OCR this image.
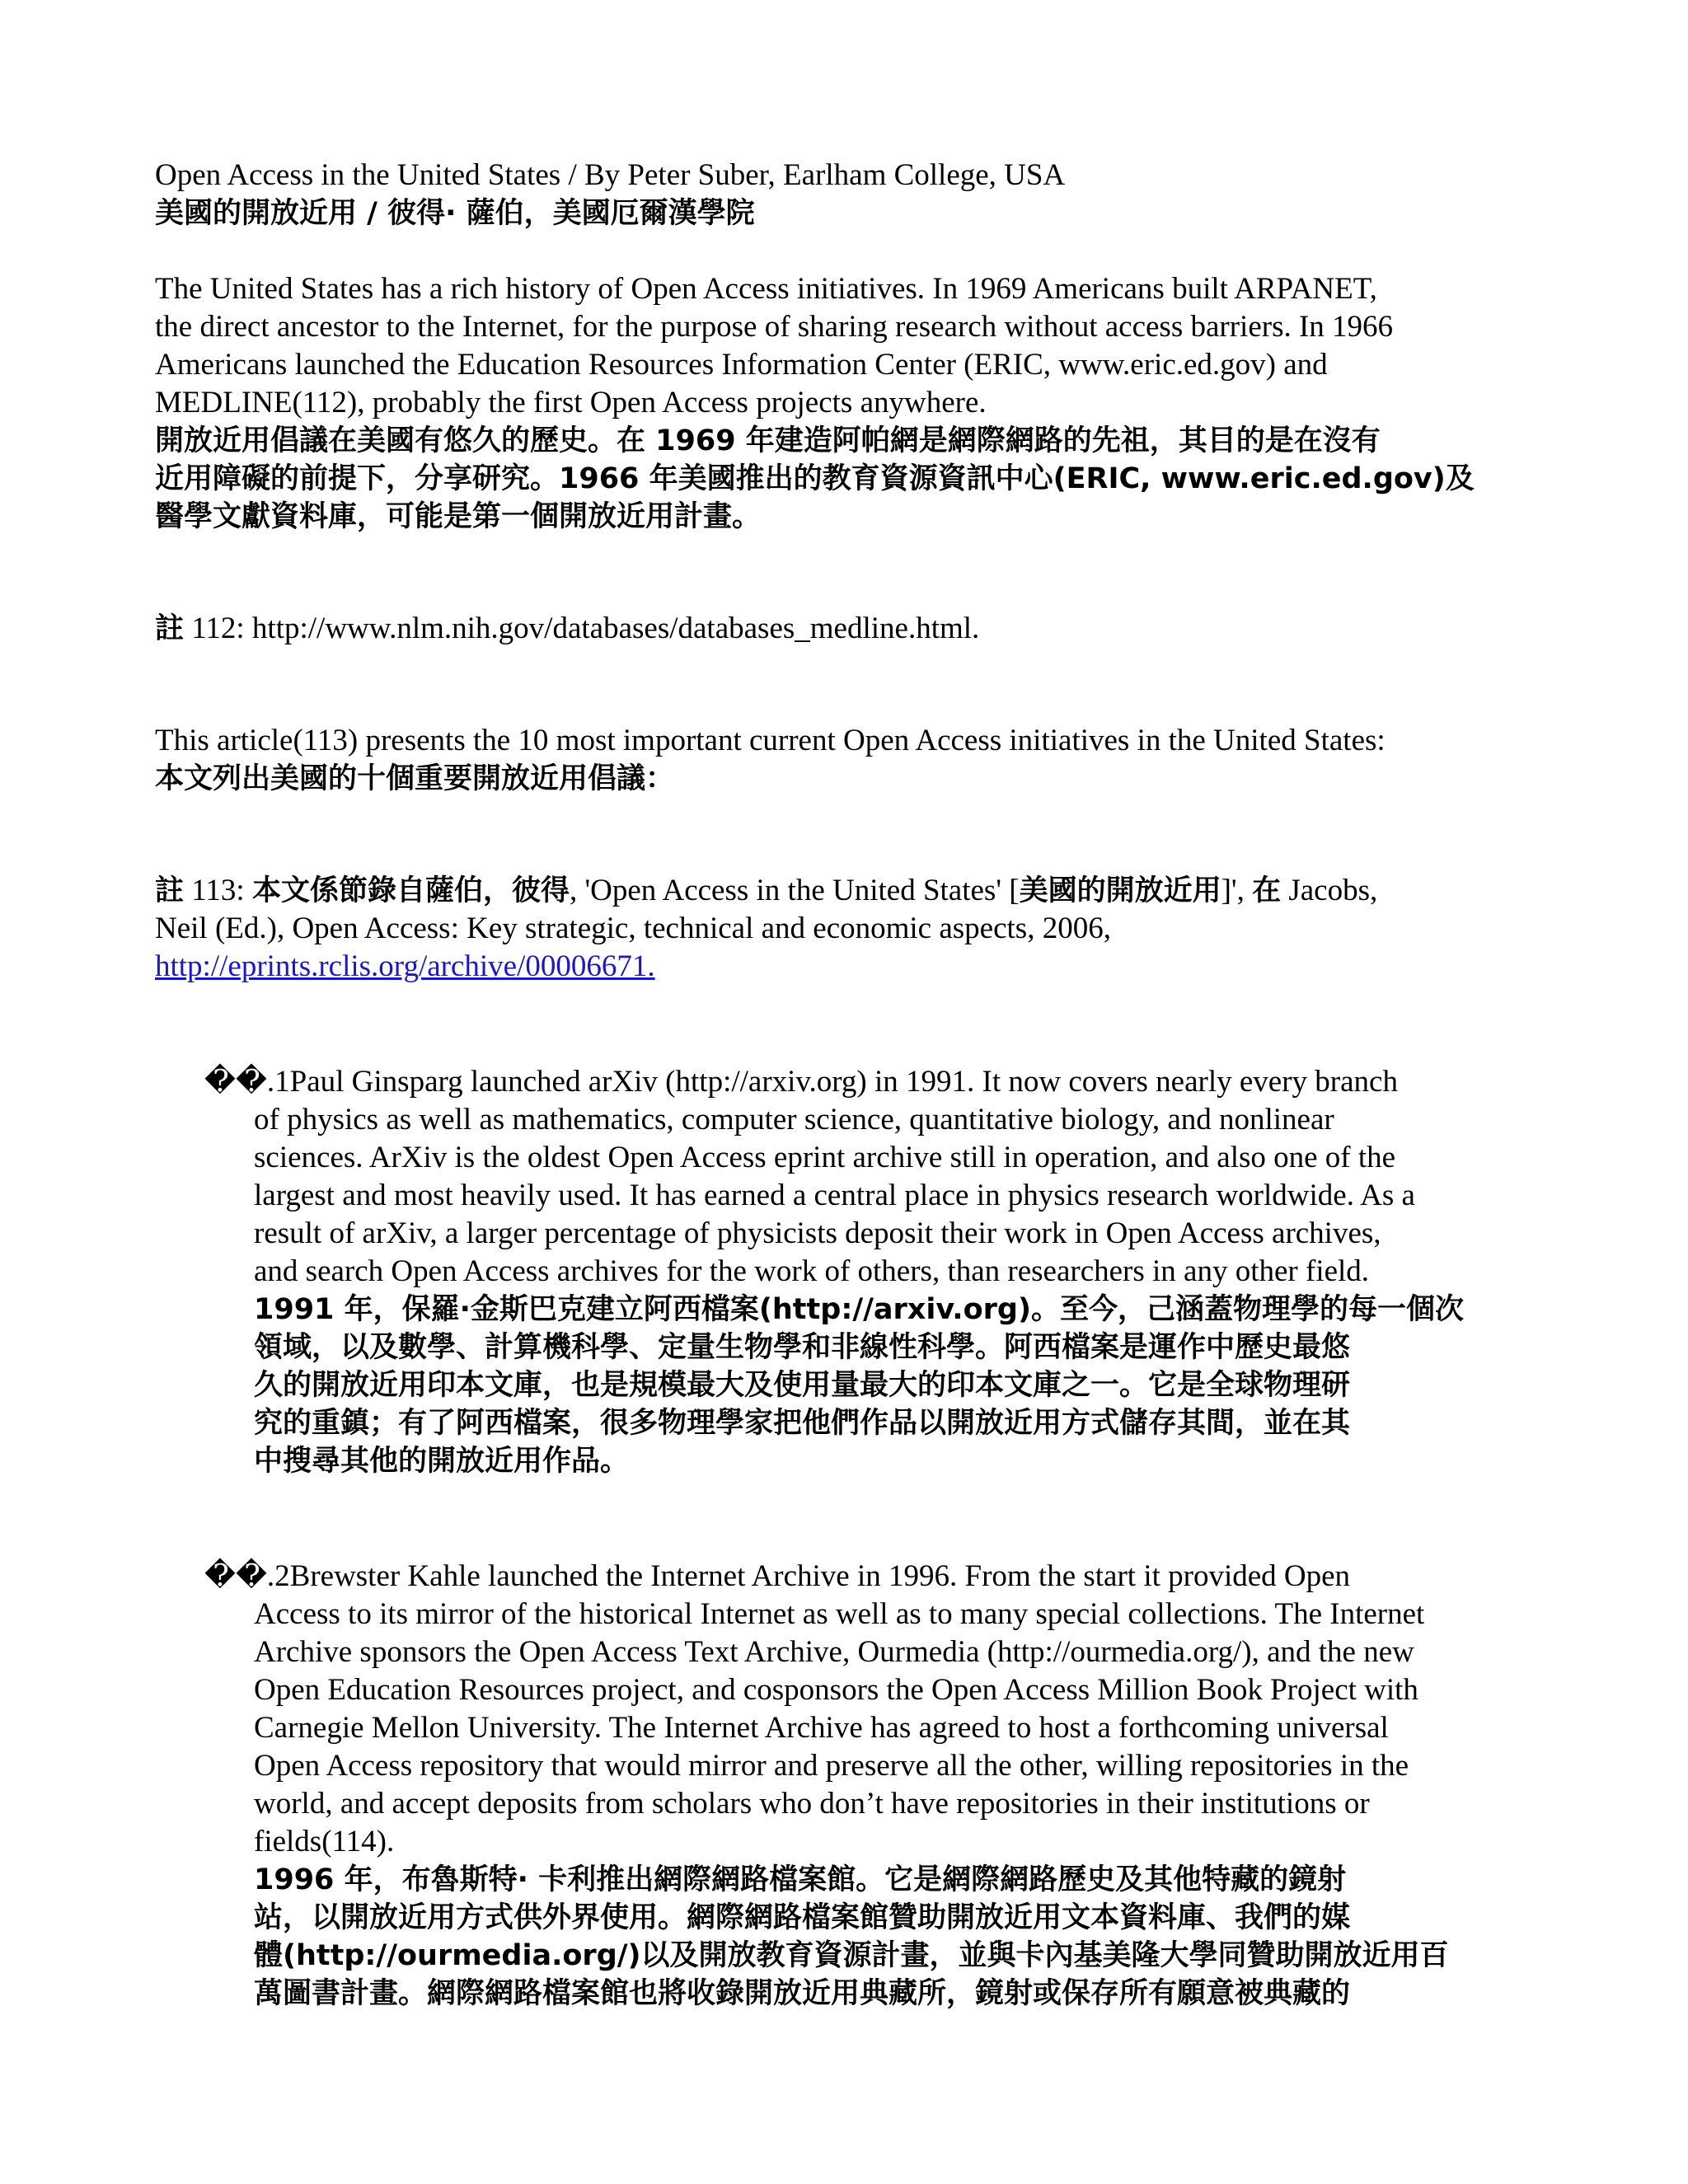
Open Access in the United States / By Peter Suber, Earlham College, USA

美國的開放近用 / 彼得· 薩伯，美國厄爾漢學院

The United States has a rich history of Open Access initiatives. In 1969 Americans built ARPANET,
the direct ancestor to the Internet, for the purpose of sharing research without access barriers. In 1966
Americans launched the Education Resources Information Center (ERIC, www.eric.ed.gov) and
MEDLINE(112), probably the first Open Access projects anywhere.

開放近用倡議在美國有悠久的歷史。在 1969 年建造阿帕網是網際網路的先祖，其目的是在沒有
近用障礙的前提下，分享研究。1966 年美國推出的教育資源資訊中心(ERIC, www.eric.ed.gov)及
醫學文獻資料庫，可能是第一個開放近用計畫。

註 112: http://www.nlm.nih.gov/databases/databases_medline.html.

This article(113) presents the 10 most important current Open Access initiatives in the United States:

本文列出美國的十個重要開放近用倡議：

註 113: 本文係節錄自薩伯，彼得, 'Open Access in the United States' [美國的開放近用]', 在 Jacobs,
Neil (Ed.), Open Access: Key strategic, technical and economic aspects, 2006,

http://eprints.rclis.org/archive/00006671.

��.1Paul Ginsparg launched arXiv (http://arxiv.org) in 1991. It now covers nearly every branch

of physics as well as mathematics, computer science, quantitative biology, and nonlinear
sciences. ArXiv is the oldest Open Access eprint archive still in operation, and also one of the
largest and most heavily used. It has earned a central place in physics research worldwide. As a
result of arXiv, a larger percentage of physicists deposit their work in Open Access archives,
and search Open Access archives for the work of others, than researchers in any other field.

1991 年，保羅·金斯巴克建立阿西檔案(http://arxiv.org)。至今，己涵蓋物理學的每一個次
領域，以及數學、計算機科學、定量生物學和非線性科學。阿西檔案是運作中歷史最悠
久的開放近用印本文庫，也是規模最大及使用量最大的印本文庫之一。它是全球物理研
究的重鎮；有了阿西檔案，很多物理學家把他們作品以開放近用方式儲存其間，並在其
中搜尋其他的開放近用作品。

��.2Brewster Kahle launched the Internet Archive in 1996. From the start it provided Open

Access to its mirror of the historical Internet as well as to many special collections. The Internet
Archive sponsors the Open Access Text Archive, Ourmedia (http://ourmedia.org/), and the new
Open Education Resources project, and cosponsors the Open Access Million Book Project with
Carnegie Mellon University. The Internet Archive has agreed to host a forthcoming universal
Open Access repository that would mirror and preserve all the other, willing repositories in the
world, and accept deposits from scholars who don’t have repositories in their institutions or
fields(114).

1996 年，布魯斯特· 卡利推出網際網路檔案館。它是網際網路歷史及其他特藏的鏡射
站，以開放近用方式供外界使用。網際網路檔案館贊助開放近用文本資料庫、我們的媒
體(http://ourmedia.org/)以及開放教育資源計畫，並與卡內基美隆大學同贊助開放近用百
萬圖書計畫。網際網路檔案館也將收錄開放近用典藏所，鏡射或保存所有願意被典藏的
